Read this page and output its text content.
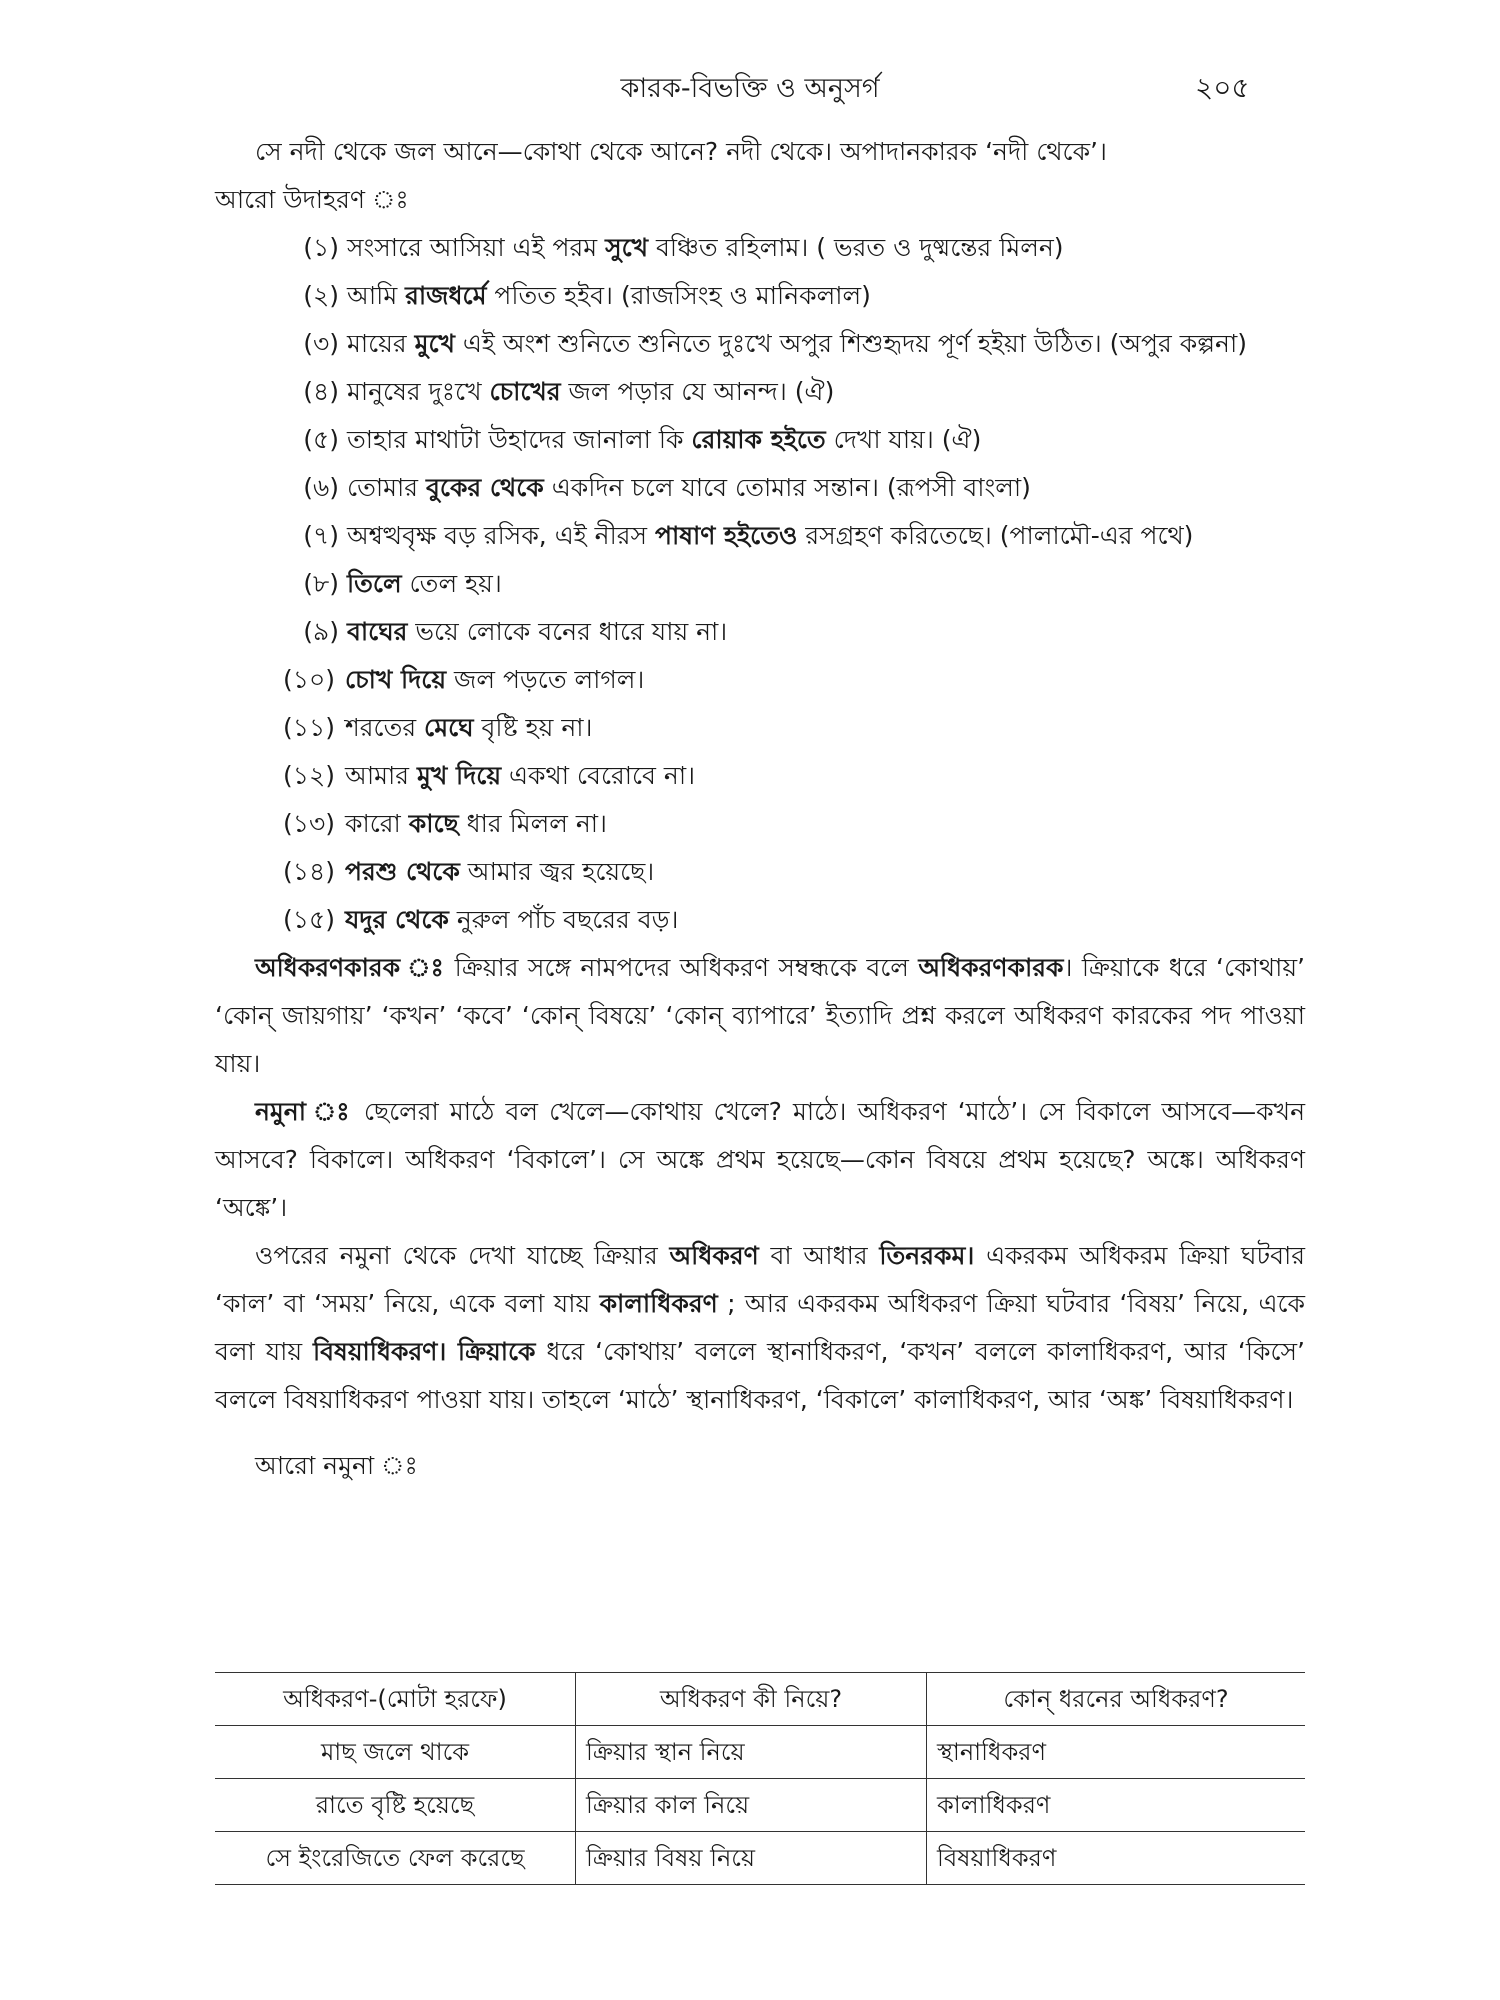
কারক-বিভক্তি ও অনুসর্গ	২০৫

সে নদী থেকে জল আনে—কোথা থেকে আনে? নদী থেকে। অপাদানকারক ‘নদী থেকে’।

আরো উদাহরণ ঃ

(১) সংসারে আসিয়া এই পরম সুখে বঞ্চিত রহিলাম। ( ভরত ও দুষ্মন্তের মিলন)
(২) আমি রাজধর্মে পতিত হইব। (রাজসিংহ ও মানিকলাল)
(৩) মায়ের মুখে এই অংশ শুনিতে শুনিতে দুঃখে অপুর শিশুহৃদয় পূর্ণ হইয়া উঠিত। (অপুর কল্পনা)
(৪) মানুষের দুঃখে চোখের জল পড়ার যে আনন্দ। (ঐ)
(৫) তাহার মাথাটা উহাদের জানালা কি রোয়াক হইতে দেখা যায়। (ঐ)
(৬) তোমার বুকের থেকে একদিন চলে যাবে তোমার সন্তান। (রূপসী বাংলা)
(৭) অশ্বত্থবৃক্ষ বড় রসিক, এই নীরস পাষাণ হইতেও রসগ্রহণ করিতেছে। (পালামৌ-এর পথে)
(৮) তিলে তেল হয়।
(৯) বাঘের ভয়ে লোকে বনের ধারে যায় না।
(১০) চোখ দিয়ে জল পড়তে লাগল।
(১১) শরতের মেঘে বৃষ্টি হয় না।
(১২) আমার মুখ দিয়ে একথা বেরোবে না।
(১৩) কারো কাছে ধার মিলল না।
(১৪) পরশু থেকে আমার জ্বর হয়েছে।
(১৫) যদুর থেকে নুরুল পাঁচ বছরের বড়।

অধিকরণকারক ঃ ক্রিয়ার সঙ্গে নামপদের অধিকরণ সম্বন্ধকে বলে অধিকরণকারক। ক্রিয়াকে ধরে ‘কোথায়’ ‘কোন্ জায়গায়’ ‘কখন’ ‘কবে’ ‘কোন্ বিষয়ে’ ‘কোন্ ব্যাপারে’ ইত্যাদি প্রশ্ন করলে অধিকরণ কারকের পদ পাওয়া যায়।

নমুনা ঃ ছেলেরা মাঠে বল খেলে—কোথায় খেলে? মাঠে। অধিকরণ ‘মাঠে’। সে বিকালে আসবে—কখন আসবে? বিকালে। অধিকরণ ‘বিকালে’। সে অঙ্কে প্রথম হয়েছে—কোন বিষয়ে প্রথম হয়েছে? অঙ্কে। অধিকরণ ‘অঙ্কে’।

ওপরের নমুনা থেকে দেখা যাচ্ছে ক্রিয়ার অধিকরণ বা আধার তিনরকম। একরকম অধিকরম ক্রিয়া ঘটবার ‘কাল’ বা ‘সময়’ নিয়ে, একে বলা যায় কালাধিকরণ ; আর একরকম অধিকরণ ক্রিয়া ঘটবার ‘বিষয়’ নিয়ে, একে বলা যায় বিষয়াধিকরণ। ক্রিয়াকে ধরে ‘কোথায়’ বললে স্থানাধিকরণ, ‘কখন’ বললে কালাধিকরণ, আর ‘কিসে’ বললে বিষয়াধিকরণ পাওয়া যায়। তাহলে ‘মাঠে’ স্থানাধিকরণ, ‘বিকালে’ কালাধিকরণ, আর ‘অঙ্ক’ বিষয়াধিকরণ।

আরো নমুনা ঃ

অধিকরণ-(মোটা হরফে)	অধিকরণ কী নিয়ে?	কোন্ ধরনের অধিকরণ?
মাছ জলে থাকে	ক্রিয়ার স্থান নিয়ে	স্থানাধিকরণ
রাতে বৃষ্টি হয়েছে	ক্রিয়ার কাল নিয়ে	কালাধিকরণ
সে ইংরেজিতে ফেল করেছে	ক্রিয়ার বিষয় নিয়ে	বিষয়াধিকরণ
